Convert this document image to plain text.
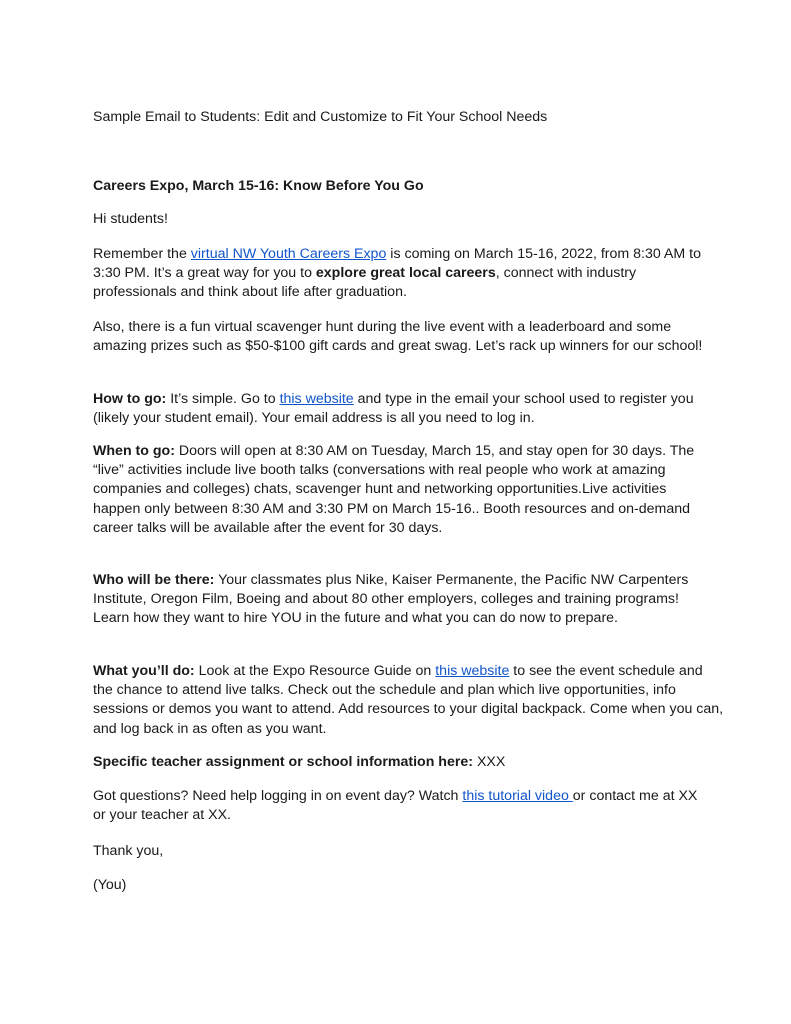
Sample Email to Students: Edit and Customize to Fit Your School Needs

Careers Expo, March 15-16: Know Before You Go

Hi students!

Remember the virtual NW Youth Careers Expo is coming on March 15-16, 2022, from 8:30 AM to 3:30 PM. It’s a great way for you to explore great local careers, connect with industry professionals and think about life after graduation.

Also, there is a fun virtual scavenger hunt during the live event with a leaderboard and some amazing prizes such as $50-$100 gift cards and great swag. Let’s rack up winners for our school!

How to go: It’s simple. Go to this website and type in the email your school used to register you (likely your student email). Your email address is all you need to log in.

When to go: Doors will open at 8:30 AM on Tuesday, March 15, and stay open for 30 days. The “live” activities include live booth talks (conversations with real people who work at amazing companies and colleges) chats, scavenger hunt and networking opportunities.Live activities happen only between 8:30 AM and 3:30 PM on March 15-16.. Booth resources and on-demand career talks will be available after the event for 30 days.

Who will be there: Your classmates plus Nike, Kaiser Permanente, the Pacific NW Carpenters Institute, Oregon Film, Boeing and about 80 other employers, colleges and training programs! Learn how they want to hire YOU in the future and what you can do now to prepare.

What you’ll do: Look at the Expo Resource Guide on this website to see the event schedule and the chance to attend live talks. Check out the schedule and plan which live opportunities, info sessions or demos you want to attend. Add resources to your digital backpack. Come when you can, and log back in as often as you want.

Specific teacher assignment or school information here: XXX

Got questions? Need help logging in on event day? Watch this tutorial video or contact me at XX or your teacher at XX.

Thank you,

(You)
